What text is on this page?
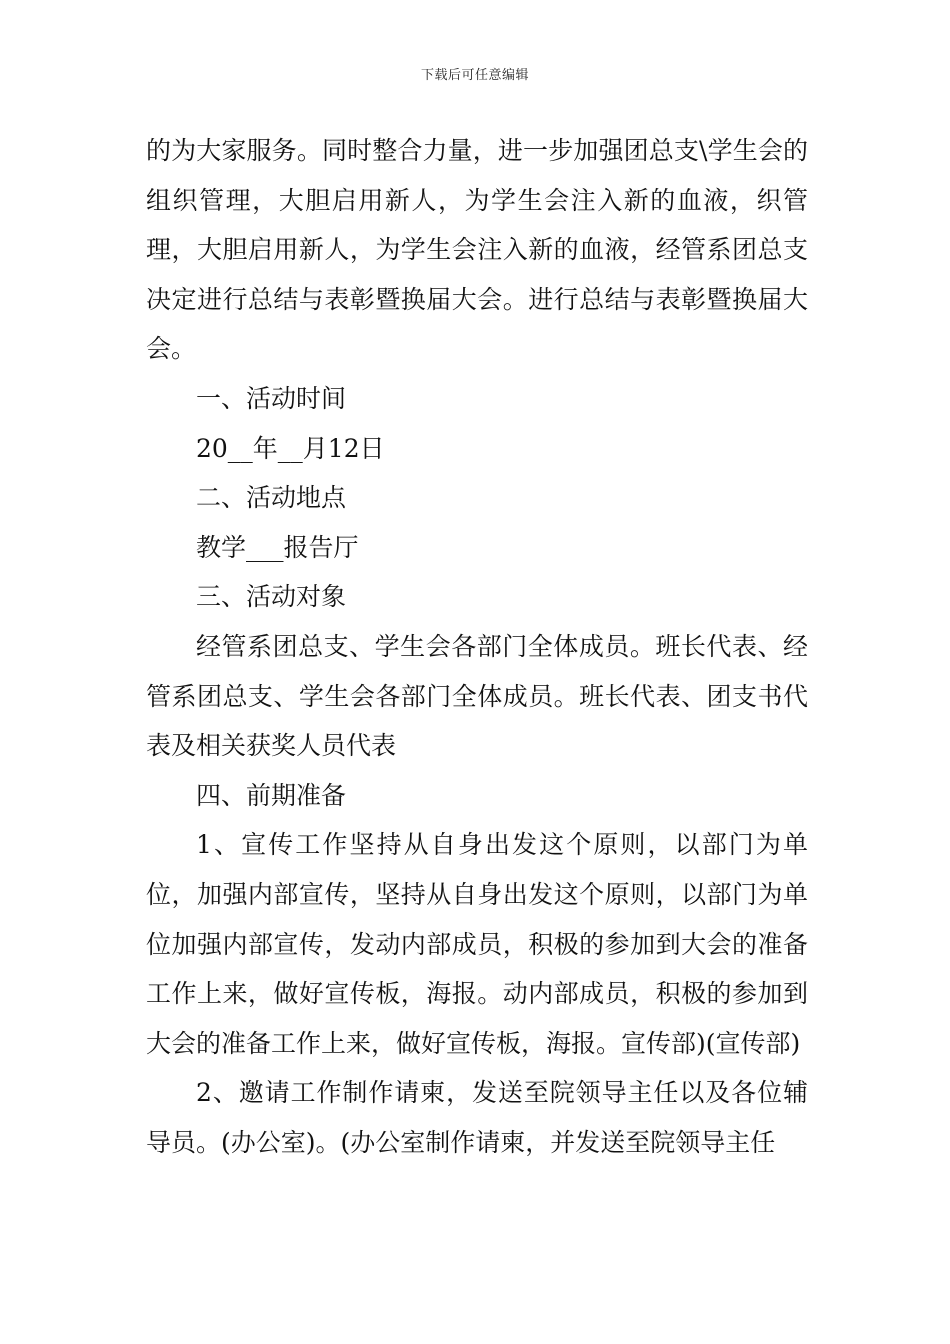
下载后可任意编辑

的为大家服务。同时整合力量，进一步加强团总支\学生会的组织管理，大胆启用新人，为学生会注入新的血液，织管理，大胆启用新人，为学生会注入新的血液，经管系团总支决定进行总结与表彰暨换届大会。进行总结与表彰暨换届大会。

一、活动时间

20__年__月12日

二、活动地点

教学___报告厅

三、活动对象

经管系团总支、学生会各部门全体成员。班长代表、经管系团总支、学生会各部门全体成员。班长代表、团支书代表及相关获奖人员代表

四、前期准备

1、宣传工作坚持从自身出发这个原则，以部门为单位，加强内部宣传，坚持从自身出发这个原则，以部门为单位加强内部宣传，发动内部成员，积极的参加到大会的准备工作上来，做好宣传板，海报。动内部成员，积极的参加到大会的准备工作上来，做好宣传板，海报。宣传部)(宣传部)

2、邀请工作制作请柬，发送至院领导主任以及各位辅导员。(办公室)。(办公室制作请柬，并发送至院领导主任
